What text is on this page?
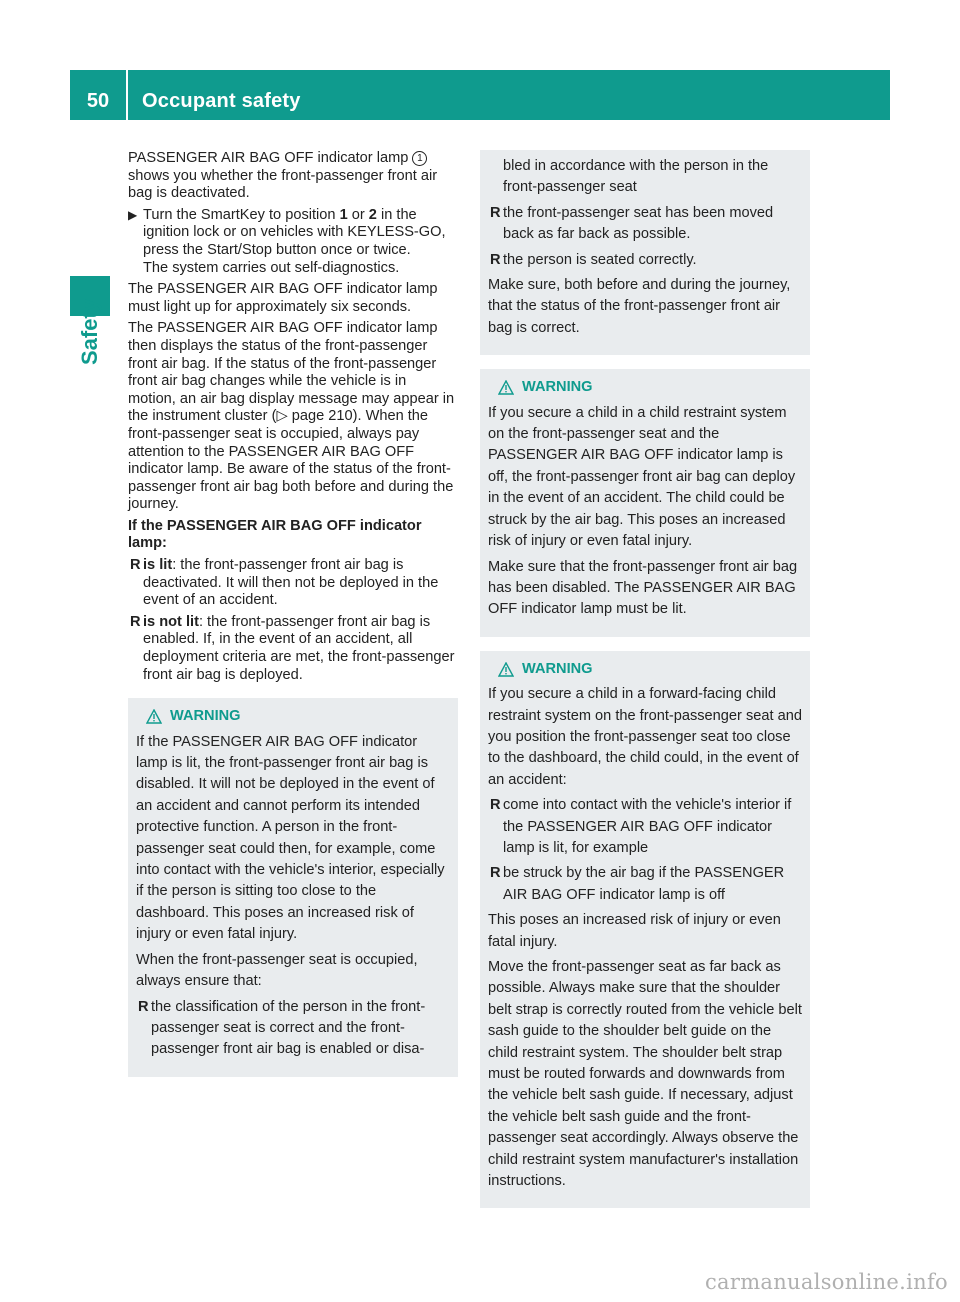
50	Occupant safety
Safety

PASSENGER AIR BAG OFF indicator lamp 1 shows you whether the front-passenger front air bag is deactivated.

▶ Turn the SmartKey to position 1 or 2 in the ignition lock or on vehicles with KEYLESS-GO, press the Start/Stop button once or twice.
The system carries out self-diagnostics.

The PASSENGER AIR BAG OFF indicator lamp must light up for approximately six seconds.

The PASSENGER AIR BAG OFF indicator lamp then displays the status of the front-passenger front air bag. If the status of the front-passenger front air bag changes while the vehicle is in motion, an air bag display message may appear in the instrument cluster (▷ page 210). When the front-passenger seat is occupied, always pay attention to the PASSENGER AIR BAG OFF indicator lamp. Be aware of the status of the front-passenger front air bag both before and during the journey.

If the PASSENGER AIR BAG OFF indicator lamp:

R is lit: the front-passenger front air bag is deactivated. It will then not be deployed in the event of an accident.
R is not lit: the front-passenger front air bag is enabled. If, in the event of an accident, all deployment criteria are met, the front-passenger front air bag is deployed.
WARNING

If the PASSENGER AIR BAG OFF indicator lamp is lit, the front-passenger front air bag is disabled. It will not be deployed in the event of an accident and cannot perform its intended protective function. A person in the front-passenger seat could then, for example, come into contact with the vehicle's interior, especially if the person is sitting too close to the dashboard. This poses an increased risk of injury or even fatal injury.

When the front-passenger seat is occupied, always ensure that:

R the classification of the person in the front-passenger seat is correct and the front-passenger front air bag is enabled or disa-
bled in accordance with the person in the front-passenger seat
R the front-passenger seat has been moved back as far back as possible.
R the person is seated correctly.

Make sure, both before and during the journey, that the status of the front-passenger front air bag is correct.

WARNING

If you secure a child in a child restraint system on the front-passenger seat and the PASSENGER AIR BAG OFF indicator lamp is off, the front-passenger front air bag can deploy in the event of an accident. The child could be struck by the air bag. This poses an increased risk of injury or even fatal injury.

Make sure that the front-passenger front air bag has been disabled. The PASSENGER AIR BAG OFF indicator lamp must be lit.

WARNING

If you secure a child in a forward-facing child restraint system on the front-passenger seat and you position the front-passenger seat too close to the dashboard, the child could, in the event of an accident:

R come into contact with the vehicle's interior if the PASSENGER AIR BAG OFF indicator lamp is lit, for example
R be struck by the air bag if the PASSENGER AIR BAG OFF indicator lamp is off

This poses an increased risk of injury or even fatal injury.

Move the front-passenger seat as far back as possible. Always make sure that the shoulder belt strap is correctly routed from the vehicle belt sash guide to the shoulder belt guide on the child restraint system. The shoulder belt strap must be routed forwards and downwards from the vehicle belt sash guide. If necessary, adjust the vehicle belt sash guide and the front-passenger seat accordingly. Always observe the child restraint system manufacturer's installation instructions.

carmanualsonline.info
